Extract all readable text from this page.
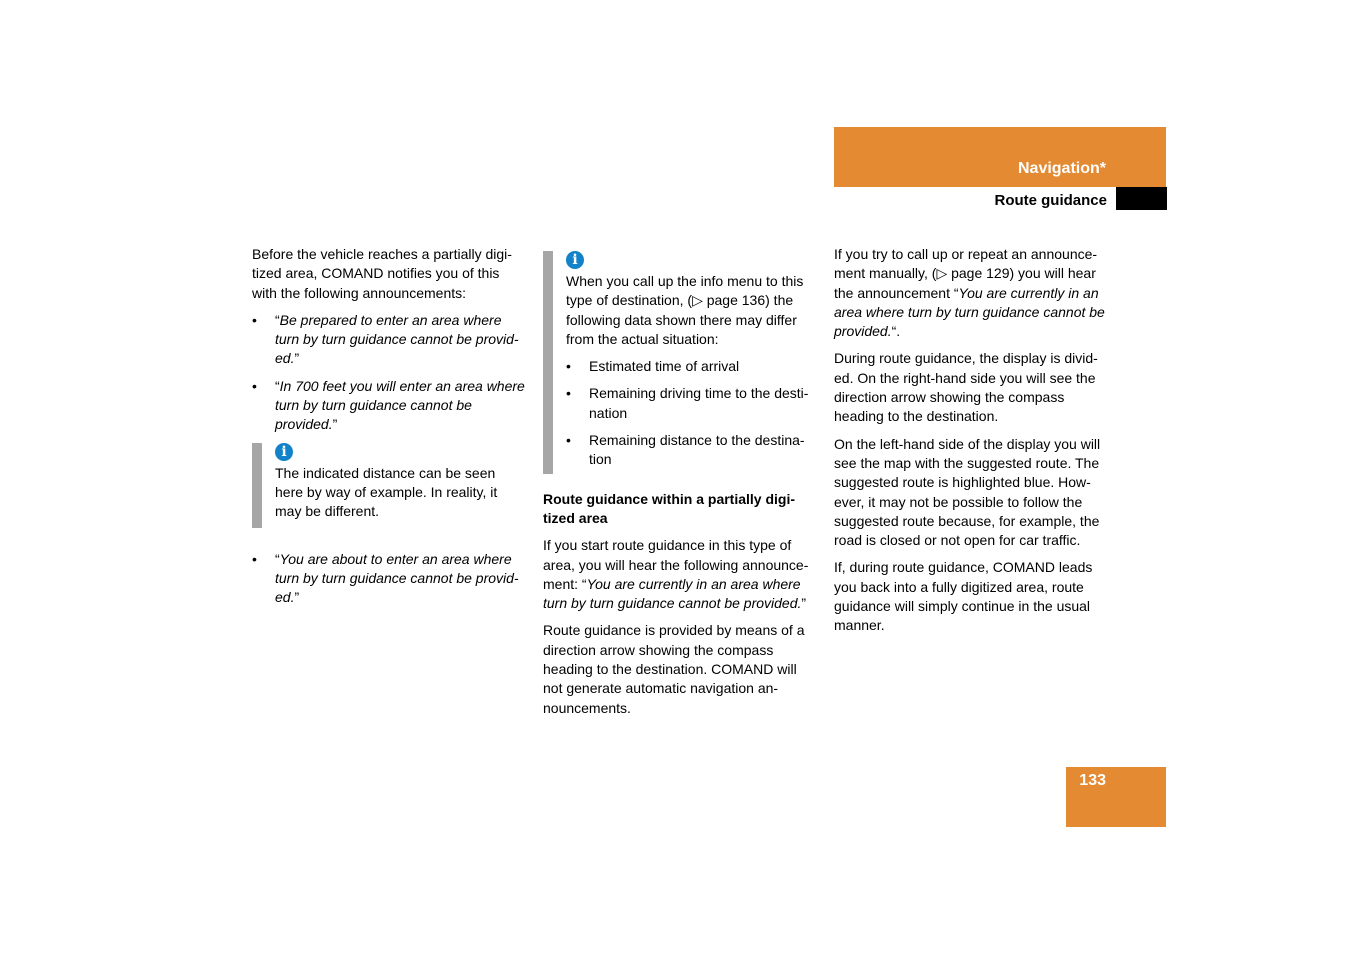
Navigation*
Route guidance

Before the vehicle reaches a partially digi-tized area, COMAND notifies you of this with the following announcements:

• “Be prepared to enter an area where turn by turn guidance cannot be provid-ed.”
• “In 700 feet you will enter an area where turn by turn guidance cannot be provided.”
i
The indicated distance can be seen here by way of example. In reality, it may be different.
• “You are about to enter an area where turn by turn guidance cannot be provid-ed.”
i

When you call up the info menu to this type of destination, (▷ page 136) the following data shown there may differ from the actual situation:

• Estimated time of arrival
• Remaining driving time to the desti-nation
• Remaining distance to the destina-tion
Route guidance within a partially digi-tized area

If you start route guidance in this type of area, you will hear the following announce-ment: “You are currently in an area where turn by turn guidance cannot be provided.”

Route guidance is provided by means of a direction arrow showing the compass heading to the destination. COMAND will not generate automatic navigation an-nouncements.

If you try to call up or repeat an announce-ment manually, (▷ page 129) you will hear the announcement “You are currently in an area where turn by turn guidance cannot be provided.“.

During route guidance, the display is divid-ed. On the right-hand side you will see the direction arrow showing the compass heading to the destination.

On the left-hand side of the display you will see the map with the suggested route. The suggested route is highlighted blue. How-ever, it may not be possible to follow the suggested route because, for example, the road is closed or not open for car traffic.

If, during route guidance, COMAND leads you back into a fully digitized area, route guidance will simply continue in the usual manner.

133
